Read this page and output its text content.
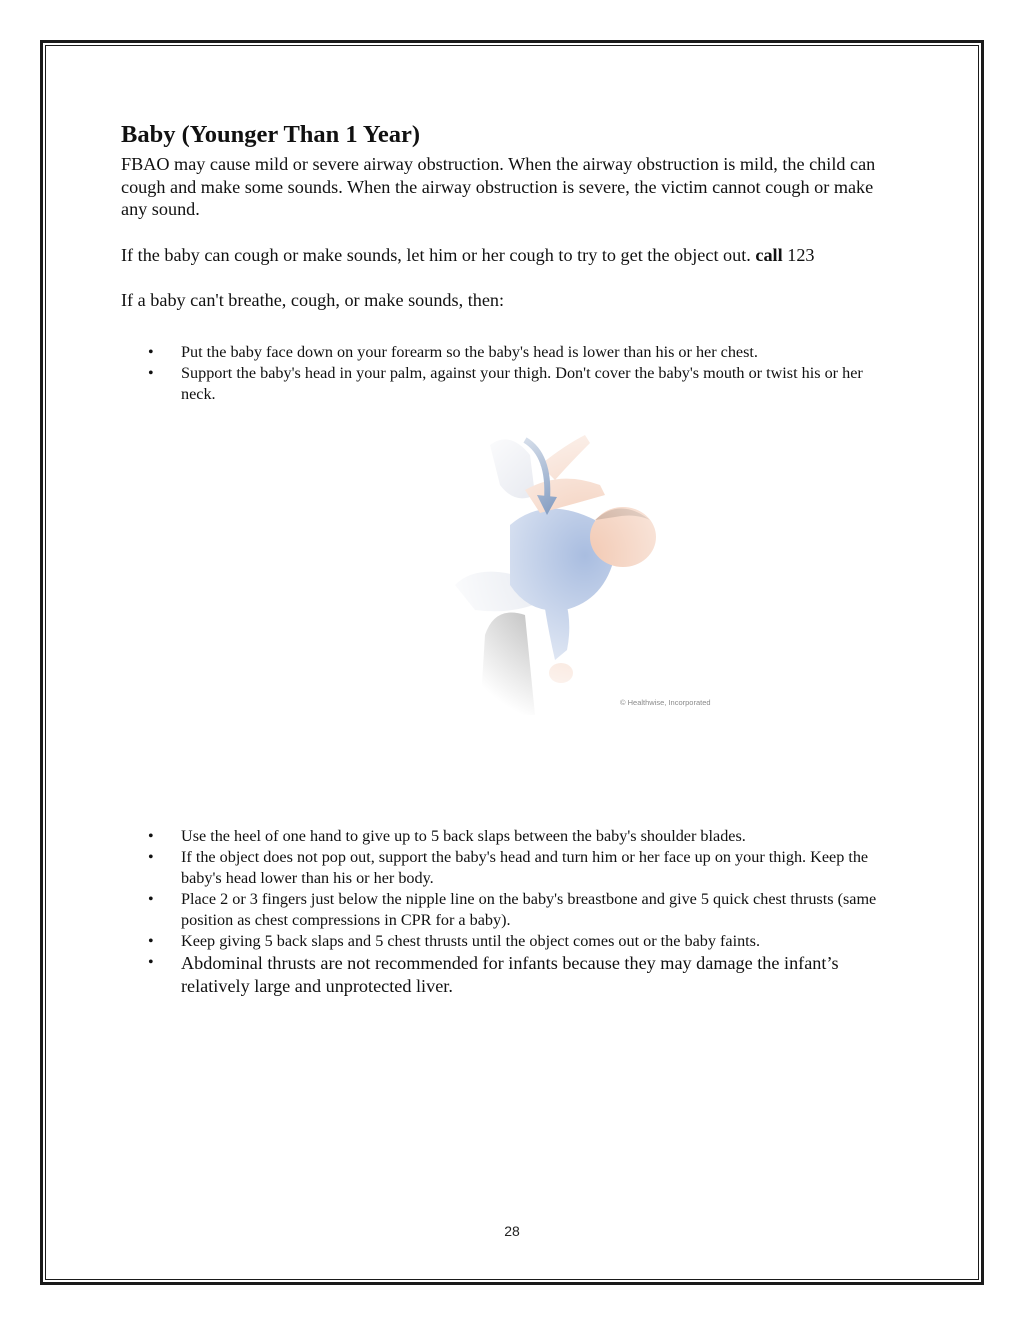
Baby (Younger Than 1 Year)

FBAO may cause mild or severe airway obstruction. When the airway obstruction is mild, the child can cough and make some sounds. When the airway obstruction is severe, the victim cannot cough or make any sound.

If the baby can cough or make sounds, let him or her cough to try to get the object out. call 123

If a baby can't breathe, cough, or make sounds, then:

• Put the baby face down on your forearm so the baby's head is lower than his or her chest.
• Support the baby's head in your palm, against your thigh. Don't cover the baby's mouth or twist his or her neck.
© Healthwise, Incorporated
• Use the heel of one hand to give up to 5 back slaps between the baby's shoulder blades.
• If the object does not pop out, support the baby's head and turn him or her face up on your thigh. Keep the baby's head lower than his or her body.
• Place 2 or 3 fingers just below the nipple line on the baby's breastbone and give 5 quick chest thrusts (same position as chest compressions in CPR for a baby).
• Keep giving 5 back slaps and 5 chest thrusts until the object comes out or the baby faints.
• Abdominal thrusts are not recommended for infants because they may damage the infant’s relatively large and unprotected liver.
28
